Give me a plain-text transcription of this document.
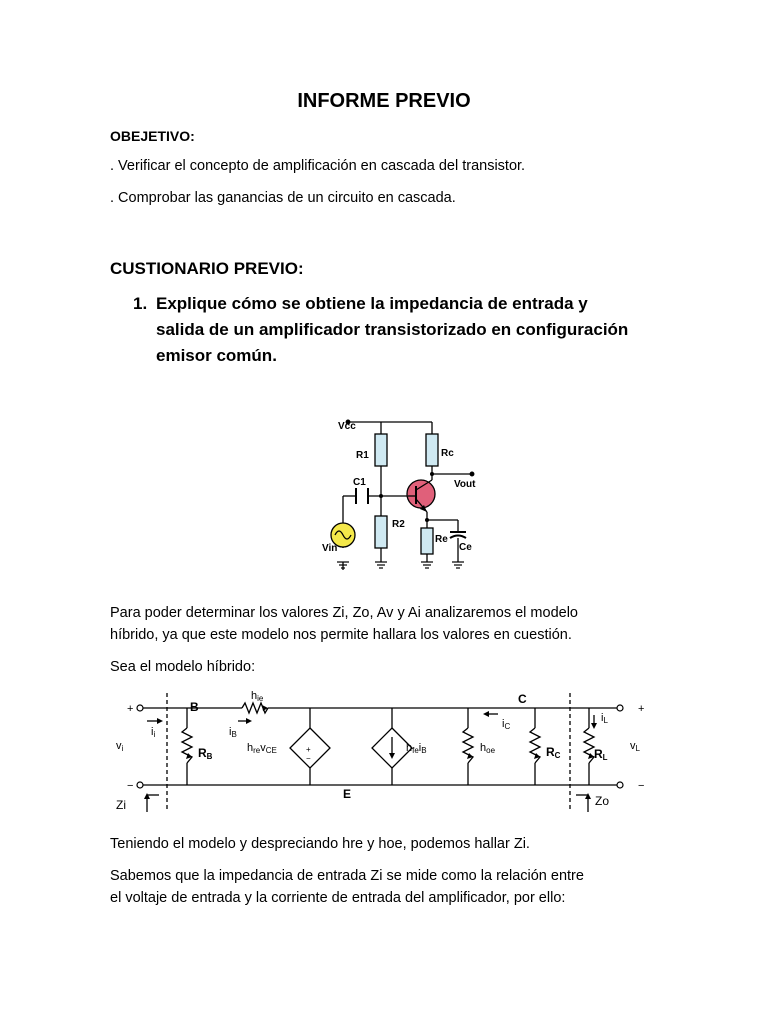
INFORME PREVIO
OBEJETIVO:
. Verificar el concepto de amplificación en cascada del transistor.
. Comprobar las ganancias de un circuito en cascada.
CUSTIONARIO PREVIO:
1. Explique cómo se obtiene la impedancia de entrada y
salida de un amplificador transistorizado en configuración
emisor común.
Vcc
R1	Rc
C1	Vout
R2
Re
Ce
Vin
Para poder determinar los valores Zi, Zo, Av y Ai analizaremos el modelo
híbrido, ya que este modelo nos permite hallara los valores en cuestión.
Sea el modelo híbrido:
+
−
B
C
E
hie
ii	iB
iC
iL
vi	vL
RB
hrevCE	hfeiB	hoe	RC	RL
+
−
+
−
Zi	Zo
Teniendo el modelo y despreciando hre y hoe, podemos hallar Zi.
Sabemos que la impedancia de entrada Zi se mide como la relación entre
el voltaje de entrada y la corriente de entrada del amplificador, por ello:
